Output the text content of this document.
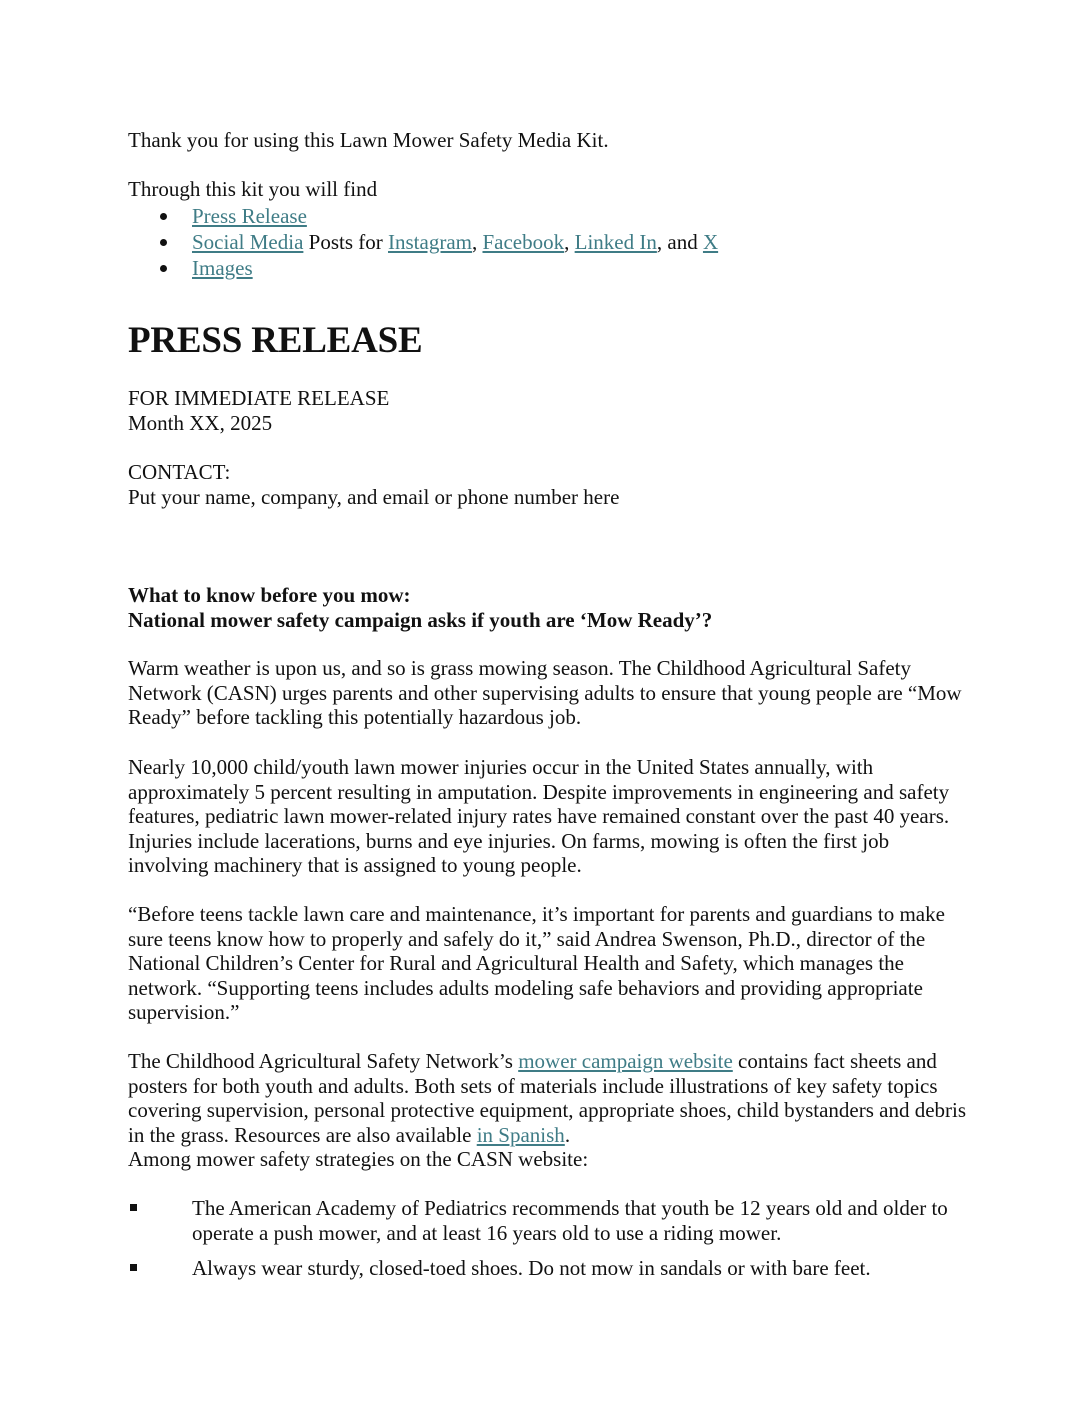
Thank you for using this Lawn Mower Safety Media Kit.
Through this kit you will find
Press Release
Social Media Posts for Instagram, Facebook, Linked In, and X
Images
PRESS RELEASE
FOR IMMEDIATE RELEASE
Month XX, 2025
CONTACT:
Put your name, company, and email or phone number here
What to know before you mow:
National mower safety campaign asks if youth are ‘Mow Ready’?

Warm weather is upon us, and so is grass mowing season. The Childhood Agricultural Safety Network (CASN) urges parents and other supervising adults to ensure that young people are “Mow Ready” before tackling this potentially hazardous job.

Nearly 10,000 child/youth lawn mower injuries occur in the United States annually, with approximately 5 percent resulting in amputation. Despite improvements in engineering and safety features, pediatric lawn mower-related injury rates have remained constant over the past 40 years. Injuries include lacerations, burns and eye injuries. On farms, mowing is often the first job involving machinery that is assigned to young people.

“Before teens tackle lawn care and maintenance, it’s important for parents and guardians to make sure teens know how to properly and safely do it,” said Andrea Swenson, Ph.D., director of the National Children’s Center for Rural and Agricultural Health and Safety, which manages the network. “Supporting teens includes adults modeling safe behaviors and providing appropriate supervision.”

The Childhood Agricultural Safety Network’s mower campaign website contains fact sheets and posters for both youth and adults. Both sets of materials include illustrations of key safety topics covering supervision, personal protective equipment, appropriate shoes, child bystanders and debris in the grass. Resources are also available in Spanish.

Among mower safety strategies on the CASN website:

The American Academy of Pediatrics recommends that youth be 12 years old and older to operate a push mower, and at least 16 years old to use a riding mower.
Always wear sturdy, closed-toed shoes. Do not mow in sandals or with bare feet.
